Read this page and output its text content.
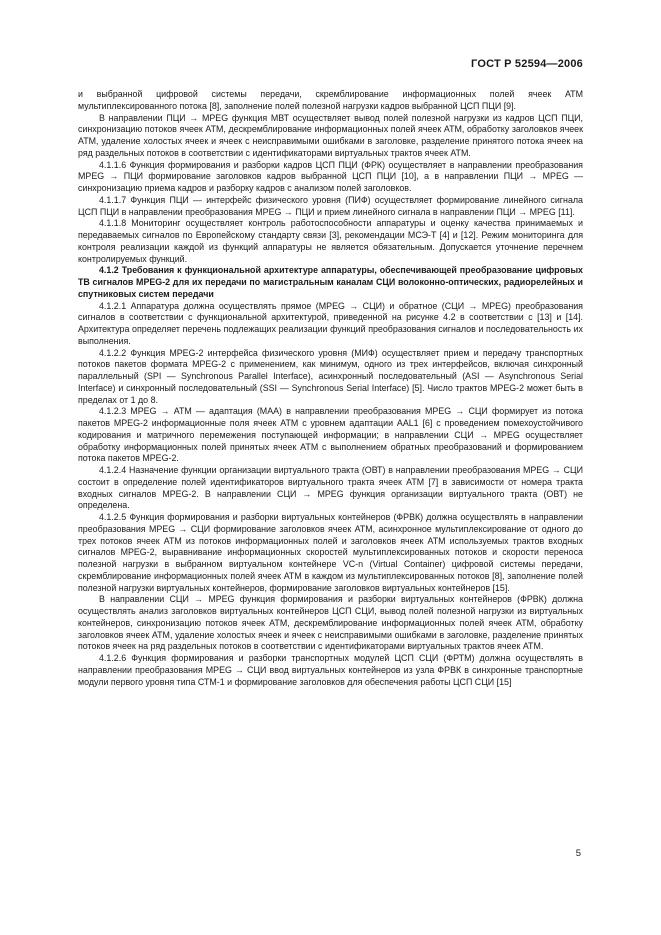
ГОСТ Р 52594—2006

и выбранной цифровой системы передачи, скремблирование информационных полей ячеек АТМ мультиплексированного потока [8], заполнение полей полезной нагрузки кадров выбранной ЦСП ПЦИ [9].

В направлении ПЦИ → MPEG функция МВТ осуществляет вывод полей полезной нагрузки из кадров ЦСП ПЦИ, синхронизацию потоков ячеек АТМ, дескремблирование информационных полей ячеек АТМ, обработку заголовков ячеек АТМ, удаление холостых ячеек и ячеек с неисправимыми ошибками в заголовке, разделение принятого потока ячеек на ряд раздельных потоков в соответствии с идентификаторами виртуальных трактов ячеек АТМ.

4.1.1.6 Функция формирования и разборки кадров ЦСП ПЦИ (ФРК) осуществляет в направлении преобразования MPEG → ПЦИ формирование заголовков кадров выбранной ЦСП ПЦИ [10], а в направлении ПЦИ → MPEG — синхронизацию приема кадров и разборку кадров с анализом полей заголовков.

4.1.1.7 Функция ПЦИ — интерфейс физического уровня (ПИФ) осуществляет формирование линейного сигнала ЦСП ПЦИ в направлении преобразования MPEG → ПЦИ и прием линейного сигнала в направлении ПЦИ → MPEG [11].

4.1.1.8 Мониторинг осуществляет контроль работоспособности аппаратуры и оценку качества принимаемых и передаваемых сигналов по Европейскому стандарту связи [3], рекомендации МСЭ-Т [4] и [12]. Режим мониторинга для контроля реализации каждой из функций аппаратуры не является обязательным. Допускается уточнение перечнем контролируемых функций.

4.1.2 Требования к функциональной архитектуре аппаратуры, обеспечивающей преобразование цифровых ТВ сигналов MPEG-2 для их передачи по магистральным каналам СЦИ волоконно-оптических, радиорелейных и спутниковых систем передачи

4.1.2.1 Аппаратура должна осуществлять прямое (MPEG → СЦИ) и обратное (СЦИ → MPEG) преобразования сигналов в соответствии с функциональной архитектурой, приведенной на рисунке 4.2 в соответствии с [13] и [14]. Архитектура определяет перечень подлежащих реализации функций преобразования сигналов и последовательность их выполнения.

4.1.2.2 Функция MPEG-2 интерфейса физического уровня (МИФ) осуществляет прием и передачу транспортных потоков пакетов формата MPEG-2 с применением, как минимум, одного из трех интерфейсов, включая синхронный параллельный (SPI — Synchronous Parallel Interface), асинхронный последовательный (ASI — Asynchronous Serial Interface) и синхронный последовательный (SSI — Synchronous Serial Interface) [5]. Число трактов MPEG-2 может быть в пределах от 1 до 8.

4.1.2.3 MPEG → АТМ — адаптация (МАА) в направлении преобразования MPEG → СЦИ формирует из потока пакетов MPEG-2 информационные поля ячеек АТМ с уровнем адаптации AAL1 [6] с проведением помехоустойчивого кодирования и матричного перемежения поступающей информации; в направлении СЦИ → MPEG осуществляет обработку информационных полей принятых ячеек АТМ с выполнением обратных преобразований и формированием потока пакетов MPEG-2.

4.1.2.4 Назначение функции организации виртуального тракта (ОВТ) в направлении преобразования MPEG → СЦИ состоит в определение полей идентификаторов виртуального тракта ячеек АТМ [7] в зависимости от номера тракта входных сигналов MPEG-2. В направлении СЦИ → MPEG функция организации виртуального тракта (ОВТ) не определена.

4.1.2.5 Функция формирования и разборки виртуальных контейнеров (ФРВК) должна осуществлять в направлении преобразования MPEG → СЦИ формирование заголовков ячеек АТМ, асинхронное мультиплексирование от одного до трех потоков ячеек АТМ из потоков информационных полей и заголовков ячеек АТМ используемых трактов входных сигналов MPEG-2, выравнивание информационных скоростей мультиплексированных потоков и скорости переноса полезной нагрузки в выбранном виртуальном контейнере VC-n (Virtual Container) цифровой системы передачи, скремблирование информационных полей ячеек АТМ в каждом из мультиплексированных потоков [8], заполнение полей полезной нагрузки виртуальных контейнеров, формирование заголовков виртуальных контейнеров [15].

В направлении СЦИ → MPEG функция формирования и разборки виртуальных контейнеров (ФРВК) должна осуществлять анализ заголовков виртуальных контейнеров ЦСП СЦИ, вывод полей полезной нагрузки из виртуальных контейнеров, синхронизацию потоков ячеек АТМ, дескремблирование информационных полей ячеек АТМ, обработку заголовков ячеек АТМ, удаление холостых ячеек и ячеек с неисправимыми ошибками в заголовке, разделение принятых потоков ячеек на ряд раздельных потоков в соответствии с идентификаторами виртуальных трактов ячеек АТМ.

4.1.2.6 Функция формирования и разборки транспортных модулей ЦСП СЦИ (ФРТМ) должна осуществлять в направлении преобразования MPEG → СЦИ ввод виртуальных контейнеров из узла ФРВК в синхронные транспортные модули первого уровня типа СТМ-1 и формирование заголовков для обеспечения работы ЦСП СЦИ [15]

5
